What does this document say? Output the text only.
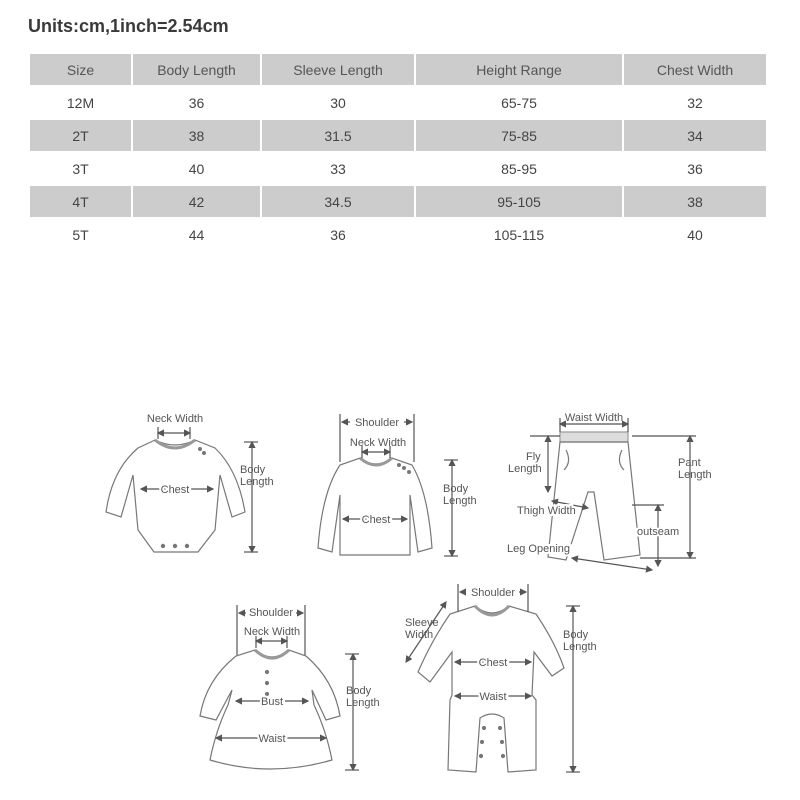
Units:cm,1inch=2.54cm
Size	Body Length	Sleeve Length	Height Range	Chest Width
12M	36	30	65-75	32
2T	38	31.5	75-85	34
3T	40	33	85-95	36
4T	42	34.5	95-105	38
5T	44	36	105-115	40
Neck Width
Chest
Body
Length
Shoulder
Neck Width
Chest
Body
Length
Waist Width
Fly
Length	Pant
Length
Thigh Width
outseam
Leg Opening
Shoulder
Neck Width
Bust
Waist
Body
Length
Shoulder
Sleeve
Width
Chest
Waist
Body
Length
